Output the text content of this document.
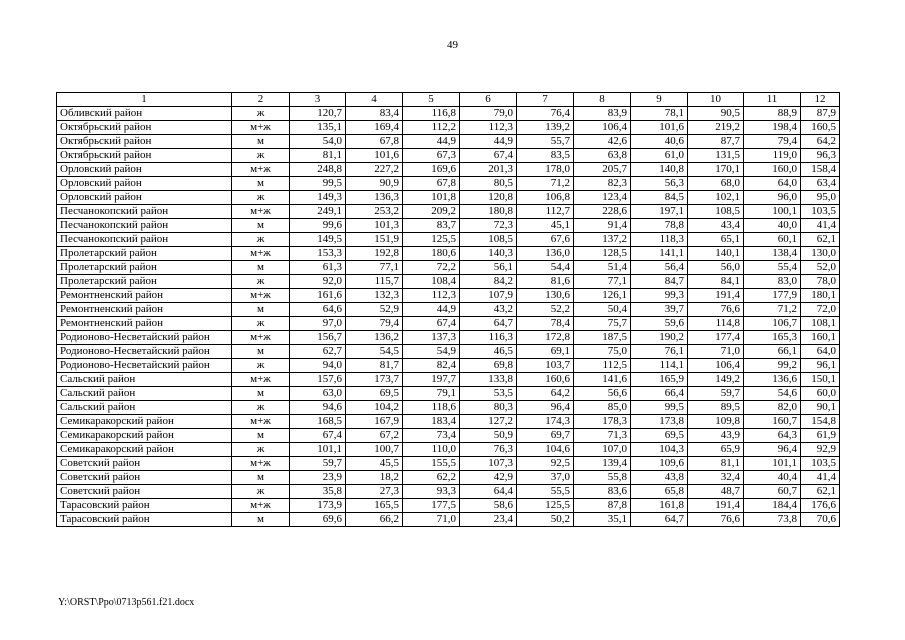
49
1	2	3	4	5	6	7	8	9	10	11	12
Обливский район	ж	120,7	83,4	116,8	79,0	76,4	83,9	78,1	90,5	88,9	87,9
Октябрьский район	м+ж	135,1	169,4	112,2	112,3	139,2	106,4	101,6	219,2	198,4	160,5
Октябрьский район	м	54,0	67,8	44,9	44,9	55,7	42,6	40,6	87,7	79,4	64,2
Октябрьский район	ж	81,1	101,6	67,3	67,4	83,5	63,8	61,0	131,5	119,0	96,3
Орловский район	м+ж	248,8	227,2	169,6	201,3	178,0	205,7	140,8	170,1	160,0	158,4
Орловский район	м	99,5	90,9	67,8	80,5	71,2	82,3	56,3	68,0	64,0	63,4
Орловский район	ж	149,3	136,3	101,8	120,8	106,8	123,4	84,5	102,1	96,0	95,0
Песчанокопский район	м+ж	249,1	253,2	209,2	180,8	112,7	228,6	197,1	108,5	100,1	103,5
Песчанокопский район	м	99,6	101,3	83,7	72,3	45,1	91,4	78,8	43,4	40,0	41,4
Песчанокопский район	ж	149,5	151,9	125,5	108,5	67,6	137,2	118,3	65,1	60,1	62,1
Пролетарский район	м+ж	153,3	192,8	180,6	140,3	136,0	128,5	141,1	140,1	138,4	130,0
Пролетарский район	м	61,3	77,1	72,2	56,1	54,4	51,4	56,4	56,0	55,4	52,0
Пролетарский район	ж	92,0	115,7	108,4	84,2	81,6	77,1	84,7	84,1	83,0	78,0
Ремонтненский район	м+ж	161,6	132,3	112,3	107,9	130,6	126,1	99,3	191,4	177,9	180,1
Ремонтненский район	м	64,6	52,9	44,9	43,2	52,2	50,4	39,7	76,6	71,2	72,0
Ремонтненский район	ж	97,0	79,4	67,4	64,7	78,4	75,7	59,6	114,8	106,7	108,1
Родионово-Несветайский район	м+ж	156,7	136,2	137,3	116,3	172,8	187,5	190,2	177,4	165,3	160,1
Родионово-Несветайский район	м	62,7	54,5	54,9	46,5	69,1	75,0	76,1	71,0	66,1	64,0
Родионово-Несветайский район	ж	94,0	81,7	82,4	69,8	103,7	112,5	114,1	106,4	99,2	96,1
Сальский район	м+ж	157,6	173,7	197,7	133,8	160,6	141,6	165,9	149,2	136,6	150,1
Сальский район	м	63,0	69,5	79,1	53,5	64,2	56,6	66,4	59,7	54,6	60,0
Сальский район	ж	94,6	104,2	118,6	80,3	96,4	85,0	99,5	89,5	82,0	90,1
Семикаракорский район	м+ж	168,5	167,9	183,4	127,2	174,3	178,3	173,8	109,8	160,7	154,8
Семикаракорский район	м	67,4	67,2	73,4	50,9	69,7	71,3	69,5	43,9	64,3	61,9
Семикаракорский район	ж	101,1	100,7	110,0	76,3	104,6	107,0	104,3	65,9	96,4	92,9
Советский район	м+ж	59,7	45,5	155,5	107,3	92,5	139,4	109,6	81,1	101,1	103,5
Советский район	м	23,9	18,2	62,2	42,9	37,0	55,8	43,8	32,4	40,4	41,4
Советский район	ж	35,8	27,3	93,3	64,4	55,5	83,6	65,8	48,7	60,7	62,1
Тарасовский район	м+ж	173,9	165,5	177,5	58,6	125,5	87,8	161,8	191,4	184,4	176,6
Тарасовский район	м	69,6	66,2	71,0	23,4	50,2	35,1	64,7	76,6	73,8	70,6
Y:\ORST\Ppo\0713p561.f21.docx
